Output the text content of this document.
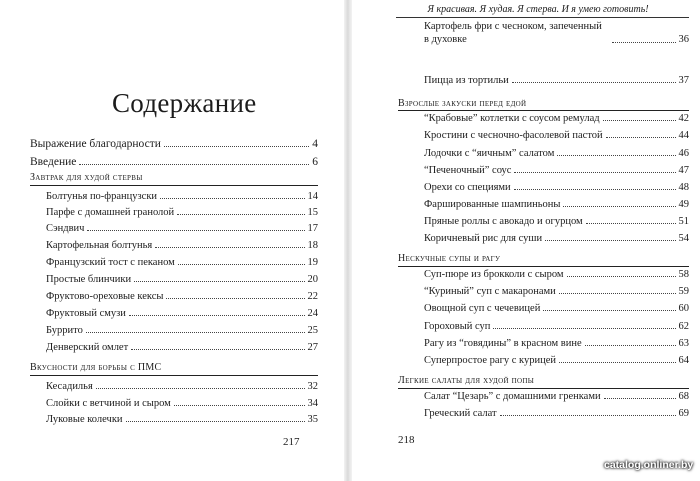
Содержание
Выражение благодарности	4
Введение	6
Завтрак для худой стервы
Болтунья по-французски	14
Парфе с домашней гранолой	15
Сэндвич	17
Картофельная болтунья	18
Французский тост с пеканом	19
Простые блинчики	20
Фруктово-ореховые кексы	22
Фруктовый смузи	24
Буррито	25
Денверский омлет	27
Вкусности для борьбы с ПМС
Кесадилья	32
Слойки с ветчиной и сыром	34
Луковые колечки	35
217
Я красивая. Я худая. Я стерва. И я умею готовить!
Картофель фри с чесноком, запеченный в духовке	36
Пицца из тортильи	37
Взрослые закуски перед едой
“Крабовые” котлетки с соусом ремулад	42
Кростини с чесночно-фасолевой пастой	44
Лодочки с “яичным” салатом	46
“Печеночный” соус	47
Орехи со специями	48
Фаршированные шампиньоны	49
Пряные роллы с авокадо и огурцом	51
Коричневый рис для суши	54
Нескучные супы и рагу
Суп-пюре из брокколи с сыром	58
“Куриный” суп с макаронами	59
Овощной суп с чечевицей	60
Гороховый суп	62
Рагу из “говядины” в красном вине	63
Суперпростое рагу с курицей	64
Легкие салаты для худой попы
Салат “Цезарь” с домашними гренками	68
Греческий салат	69
218
catalog.onliner.by
